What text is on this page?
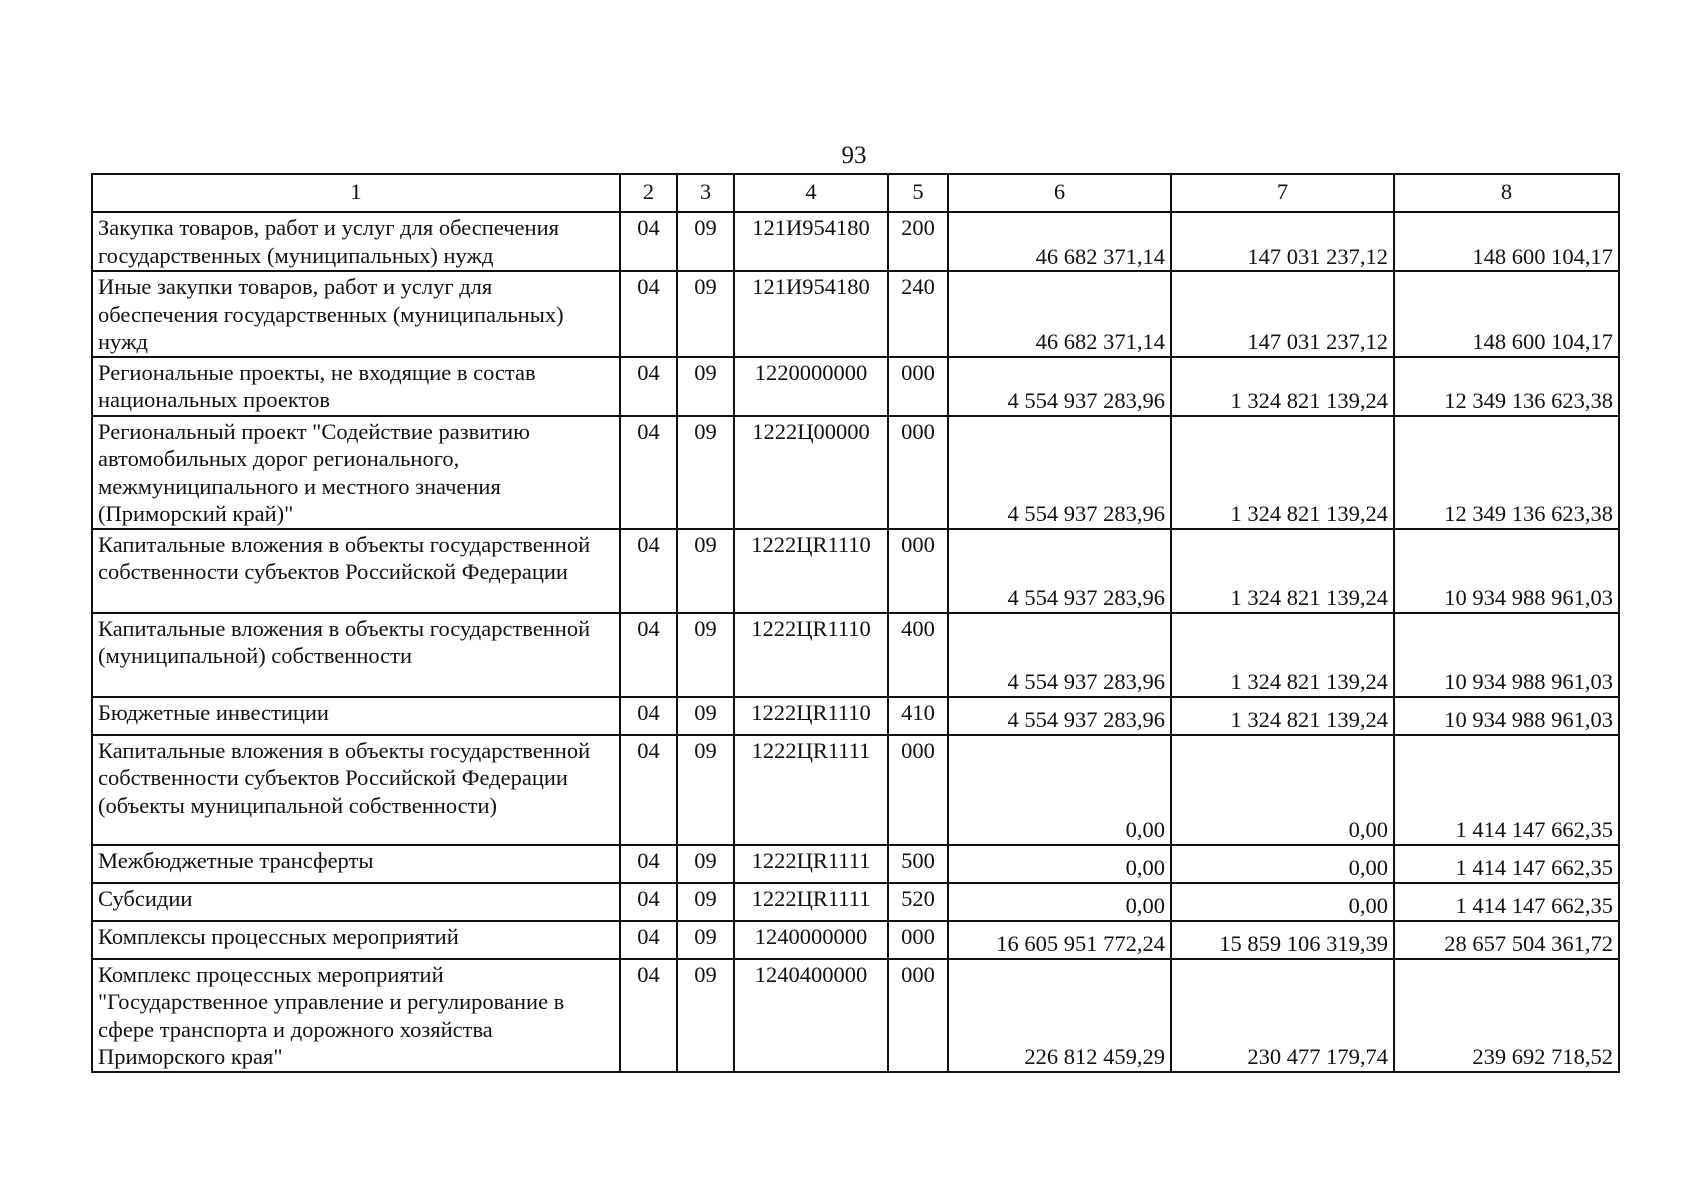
93
1	2	3	4	5	6	7	8
Закупка товаров, работ и услуг для обеспечения государственных (муниципальных) нужд	04	09	121И954180	200	46 682 371,14	147 031 237,12	148 600 104,17
Иные закупки товаров, работ и услуг для обеспечения государственных (муниципальных) нужд	04	09	121И954180	240	46 682 371,14	147 031 237,12	148 600 104,17
Региональные проекты, не входящие в состав национальных проектов	04	09	1220000000	000	4 554 937 283,96	1 324 821 139,24	12 349 136 623,38
Региональный проект "Содействие развитию автомобильных дорог регионального, межмуниципального и местного значения (Приморский край)"	04	09	1222Ц00000	000	4 554 937 283,96	1 324 821 139,24	12 349 136 623,38
Капитальные вложения в объекты государственной собственности субъектов Российской Федерации	04	09	1222ЦR1110	000	4 554 937 283,96	1 324 821 139,24	10 934 988 961,03
Капитальные вложения в объекты государственной (муниципальной) собственности	04	09	1222ЦR1110	400	4 554 937 283,96	1 324 821 139,24	10 934 988 961,03
Бюджетные инвестиции	04	09	1222ЦR1110	410	4 554 937 283,96	1 324 821 139,24	10 934 988 961,03
Капитальные вложения в объекты государственной собственности субъектов Российской Федерации (объекты муниципальной собственности)	04	09	1222ЦR1111	000	0,00	0,00	1 414 147 662,35
Межбюджетные трансферты	04	09	1222ЦR1111	500	0,00	0,00	1 414 147 662,35
Субсидии	04	09	1222ЦR1111	520	0,00	0,00	1 414 147 662,35
Комплексы процессных мероприятий	04	09	1240000000	000	16 605 951 772,24	15 859 106 319,39	28 657 504 361,72
Комплекс процессных мероприятий "Государственное управление и регулирование в сфере транспорта и дорожного хозяйства Приморского края"	04	09	1240400000	000	226 812 459,29	230 477 179,74	239 692 718,52
